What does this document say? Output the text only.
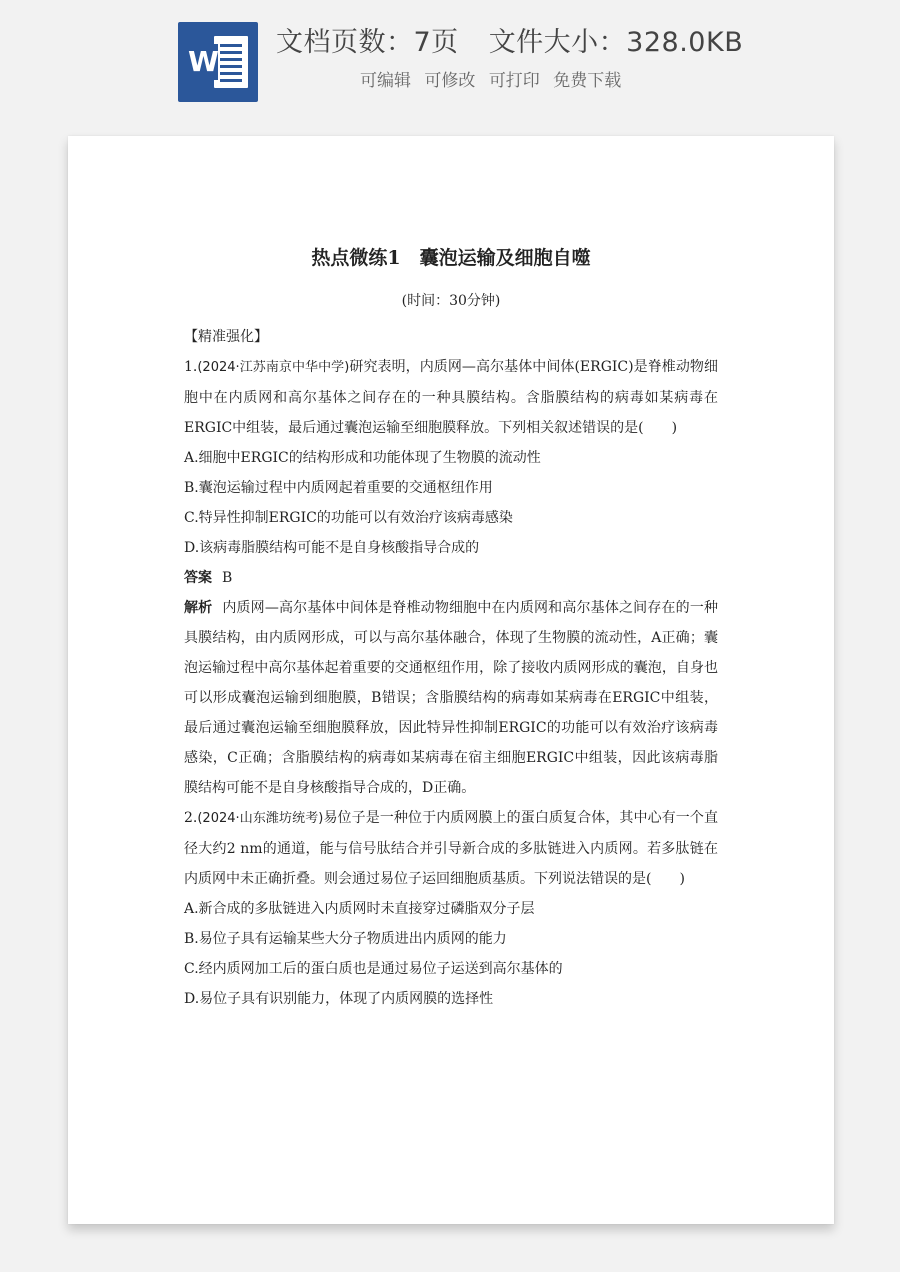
W
文档页数：7页 文件大小：328.0KB
可编辑 可修改 可打印 免费下载
热点微练1　囊泡运输及细胞自噬
(时间：30分钟)

【精准强化】

1.(2024·江苏南京中华中学)研究表明，内质网—高尔基体中间体(ERGIC)是脊椎动物细胞中在内质网和高尔基体之间存在的一种具膜结构。含脂膜结构的病毒如某病毒在ERGIC中组装，最后通过囊泡运输至细胞膜释放。下列相关叙述错误的是(　　)

A.细胞中ERGIC的结构形成和功能体现了生物膜的流动性

B.囊泡运输过程中内质网起着重要的交通枢纽作用

C.特异性抑制ERGIC的功能可以有效治疗该病毒感染

D.该病毒脂膜结构可能不是自身核酸指导合成的

答案 B

解析 内质网—高尔基体中间体是脊椎动物细胞中在内质网和高尔基体之间存在的一种具膜结构，由内质网形成，可以与高尔基体融合，体现了生物膜的流动性，A正确；囊泡运输过程中高尔基体起着重要的交通枢纽作用，除了接收内质网形成的囊泡，自身也可以形成囊泡运输到细胞膜，B错误；含脂膜结构的病毒如某病毒在ERGIC中组装，最后通过囊泡运输至细胞膜释放，因此特异性抑制ERGIC的功能可以有效治疗该病毒感染，C正确；含脂膜结构的病毒如某病毒在宿主细胞ERGIC中组装，因此该病毒脂膜结构可能不是自身核酸指导合成的，D正确。

2.(2024·山东潍坊统考)易位子是一种位于内质网膜上的蛋白质复合体，其中心有一个直径大约2 nm的通道，能与信号肽结合并引导新合成的多肽链进入内质网。若多肽链在内质网中未正确折叠。则会通过易位子运回细胞质基质。下列说法错误的是(　　)

A.新合成的多肽链进入内质网时未直接穿过磷脂双分子层

B.易位子具有运输某些大分子物质进出内质网的能力

C.经内质网加工后的蛋白质也是通过易位子运送到高尔基体的

D.易位子具有识别能力，体现了内质网膜的选择性
